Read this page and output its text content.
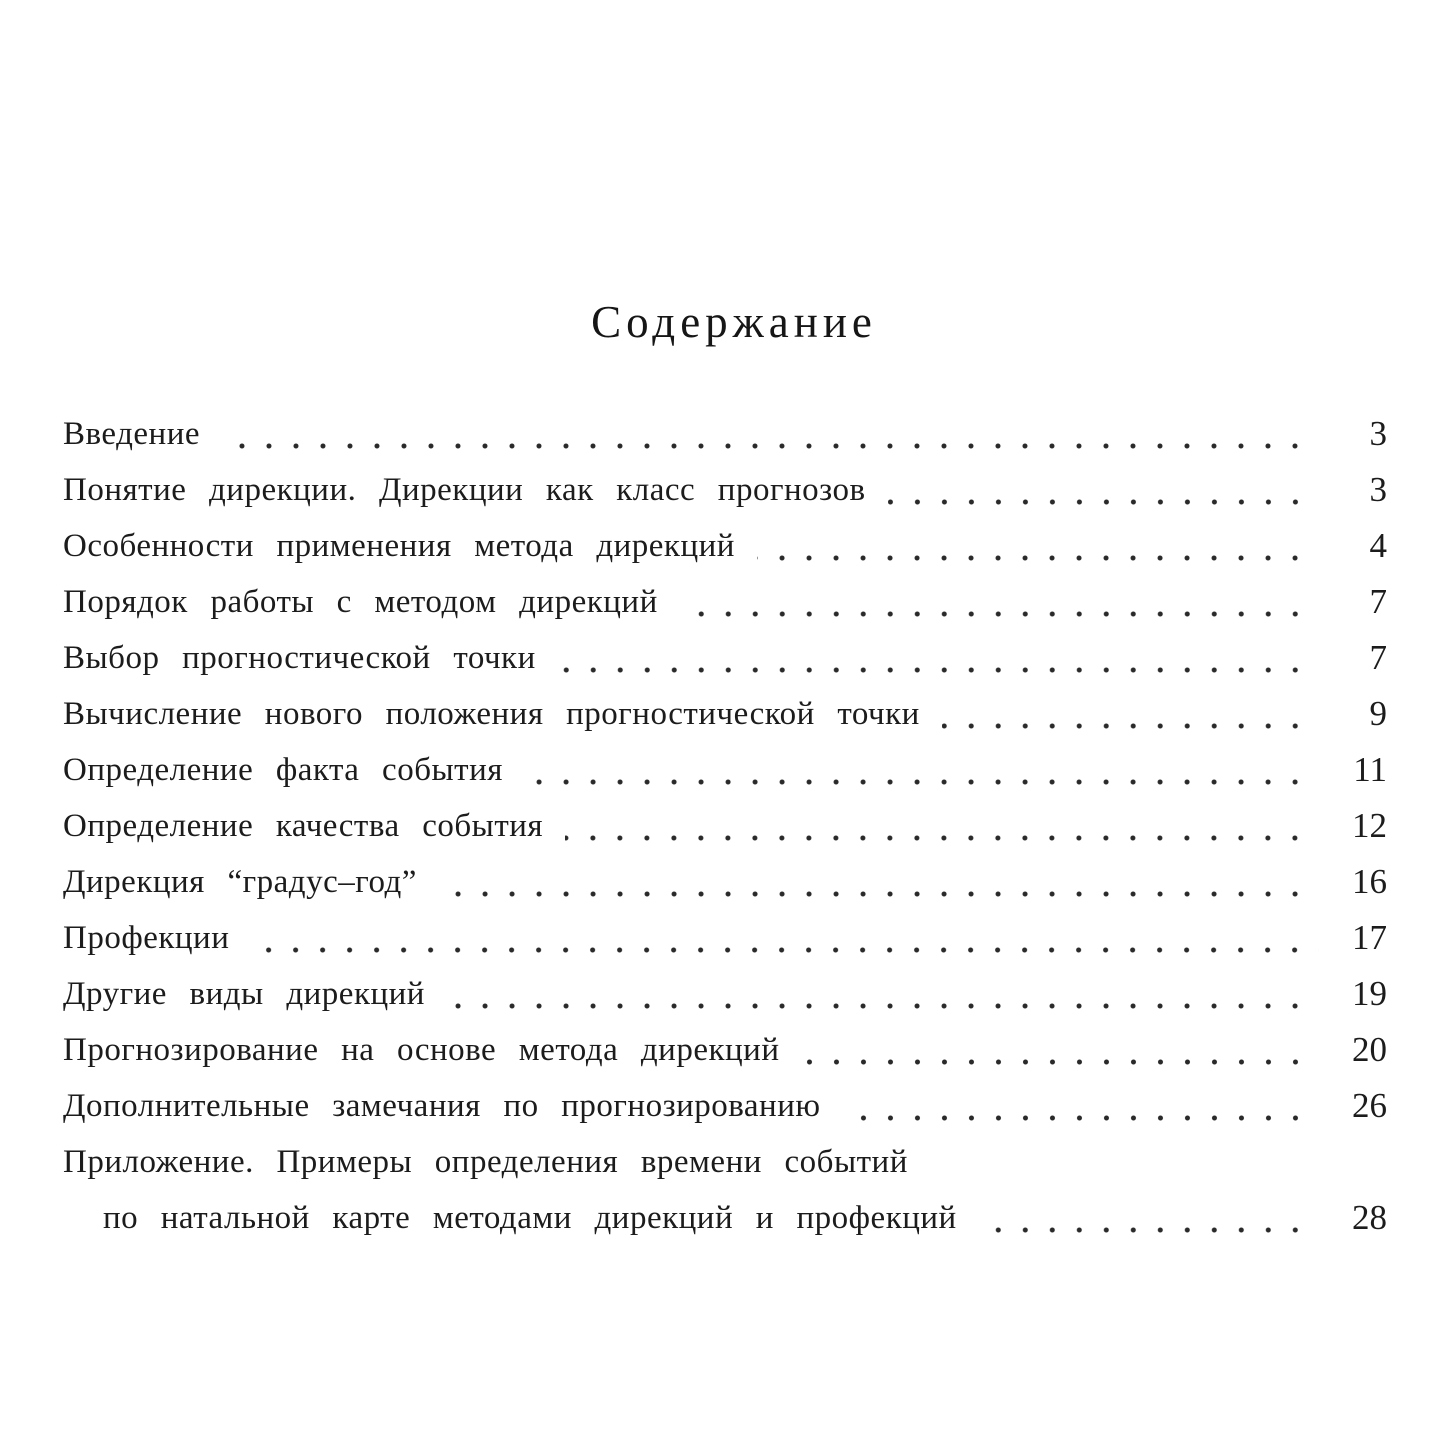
Содержание
Введение	3
Понятие дирекции. Дирекции как класс прогнозов	3
Особенности применения метода дирекций	4
Порядок работы с методом дирекций	7
Выбор прогностической точки	7
Вычисление нового положения прогностической точки	9
Определение факта события	11
Определение качества события	12
Дирекция “градус–год”	16
Профекции	17
Другие виды дирекций	19
Прогнозирование на основе метода дирекций	20
Дополнительные замечания по прогнозированию	26
Приложение. Примеры определения времени событий
по натальной карте методами дирекций и профекций	28
